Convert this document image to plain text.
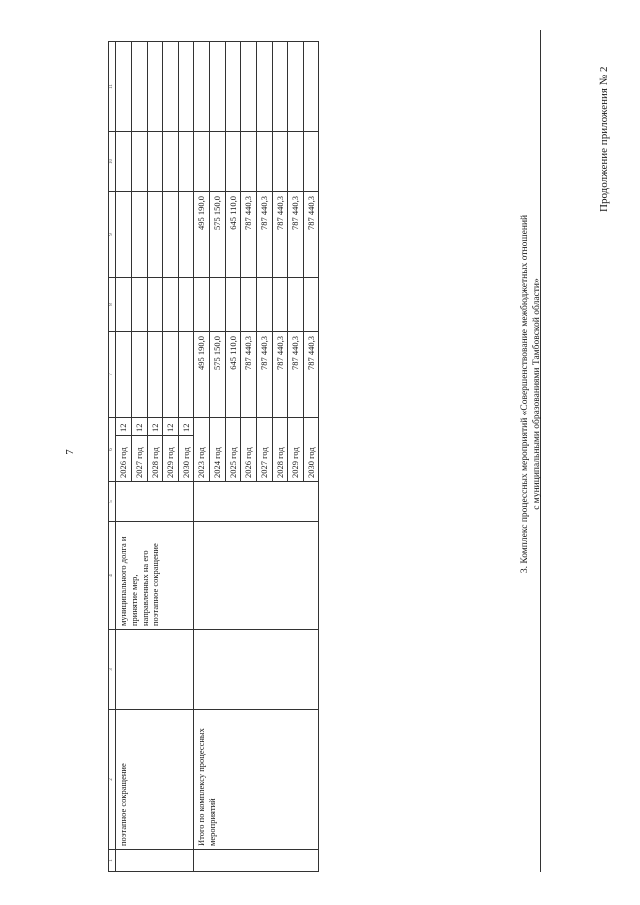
7
Продолжение приложения № 2
1	2	3	4	5	6		7	8	9	10	11
	поэтапное сокращение		муниципального долга и принятие мер, направленных на его поэтапное сокращение		2026 год	12					
					2027 год	12					
					2028 год	12					
					2029 год	12					
					2030 год	12					
	Итого по комплексу процессных мероприятий				2023 год		495 190,0		495 190,0		
					2024 год		575 150,0		575 150,0		
					2025 год		645 110,0		645 110,0		
					2026 год		787 440,3		787 440,3		
					2027 год		787 440,3		787 440,3		
					2028 год		787 440,3		787 440,3		
					2029 год		787 440,3		787 440,3		
					2030 год		787 440,3		787 440,3		
3. Комплекс процессных мероприятий «Совершенствование межбюджетных отношений с муниципальными образованиями Тамбовской области»
